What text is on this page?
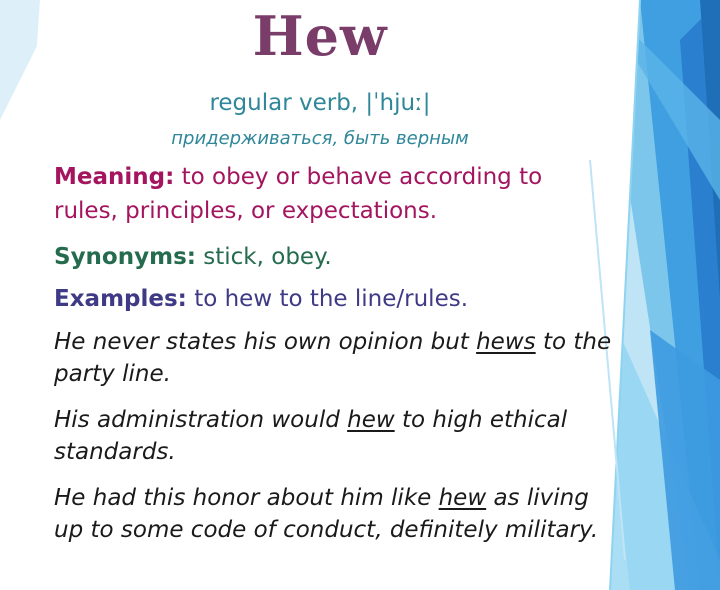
Hew
regular verb, |ˈhjuː|
придерживаться, быть верным
Meaning: to obey or behave according to rules, principles, or expectations.
Synonyms: stick, obey.
Examples: to hew to the line/rules.
He never states his own opinion but hews to the party line.
His administration would hew to high ethical standards.
He had this honor about him like hew as living up to some code of conduct, definitely military.
